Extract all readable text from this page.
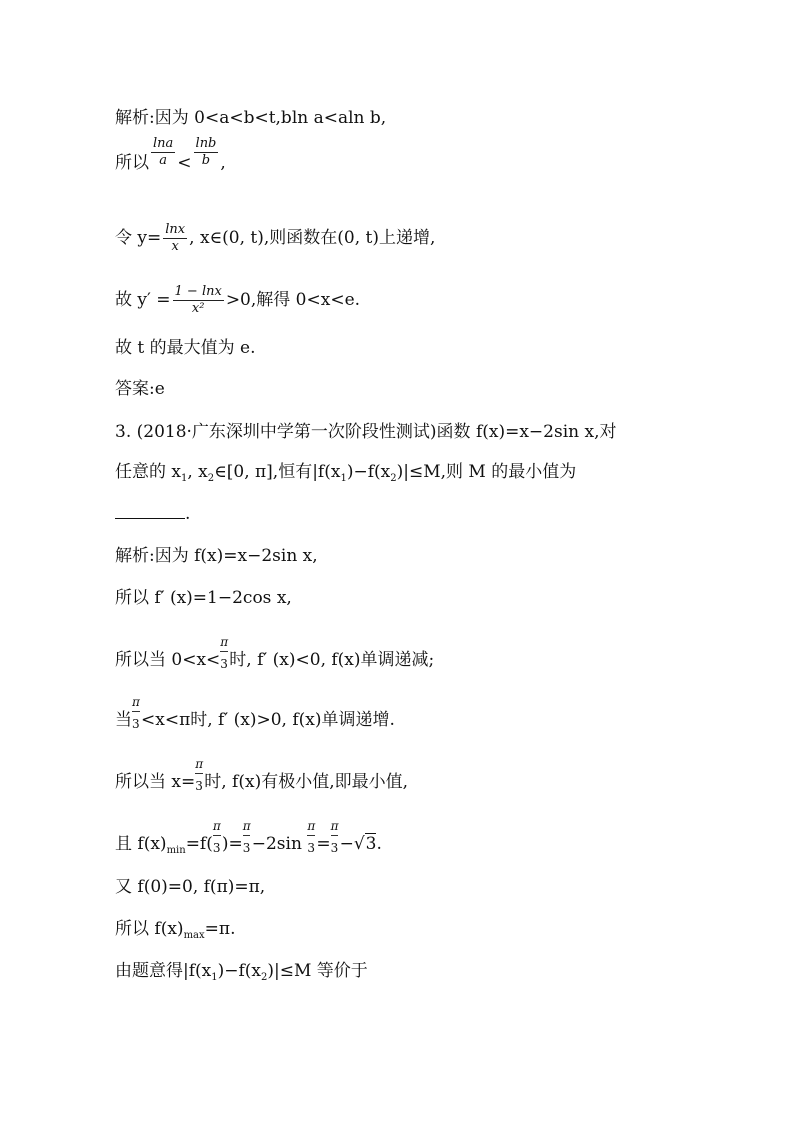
解析:因为 0<a<b<t,bln a<aln b,
所以 $\frac{\ln a}{a} < \frac{\ln b}{b}$ ,
令 $y= \frac{\ln x}{x}$ , x∈(0, t),则函数在(0, t)上递增,
故 $y' = \frac{1 - \ln x}{\text{x²}} >0$,解得 0<x<e.
故 t 的最大值为 e.
答案:e
3. (2018·广东深圳中学第一次阶段性测试)函数 f(x)=x−2sin x,对
任意的 $x_1$, $x_2\in[0$, π],恒有$|f(x_1)-f(x_2)|\le M$,则 M 的最小值为
.
解析:因为 f(x)=x−2sin x,
所以 f′ (x)=1−2cos x,
所以当 $0<x< \frac{\pi}{3}$ 时, f′ (x)<0, f(x)单调递减;
当 $\frac{\pi}{3} <x<\pi$时, f′ (x)>0, f(x)单调递增.
所以当 $x= \frac{\pi}{3}$ 时, f(x)有极小值,即最小值,
且 $f(x)_{min}=f( \frac{\pi}{3}$ )= $\frac{\pi}{3} -2\sin \frac{\pi}{3} = \frac{\pi}{3} -√3$.
又 f(0)=0, f(π)=π,
所以 $f(x)_{max}=\pi$.
由题意得$|f(x_1)-f(x_2)|\le M$ 等价于
